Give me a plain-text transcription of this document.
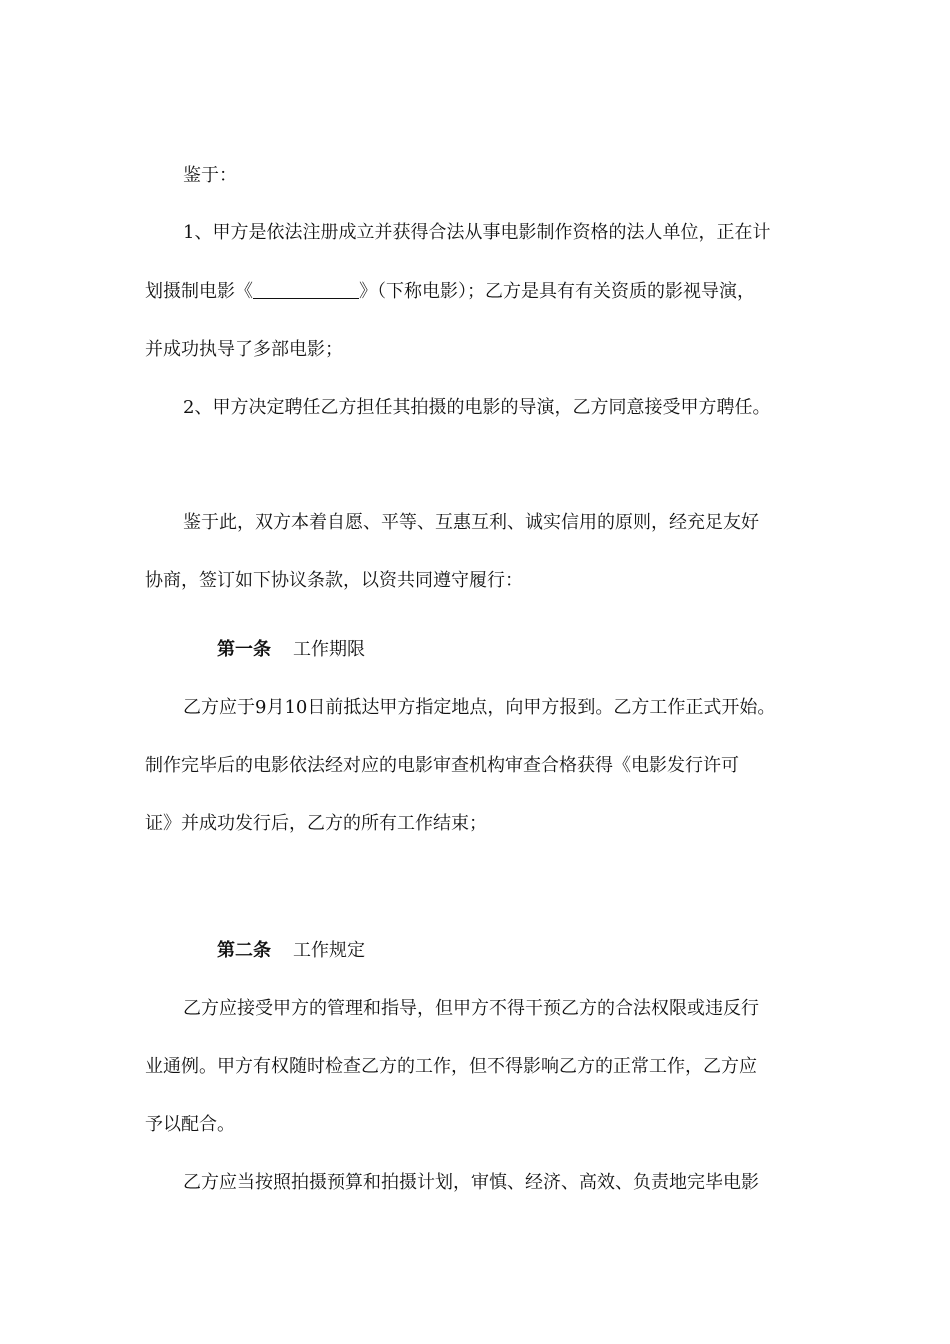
鉴于：
1、甲方是依法注册成立并获得合法从事电影制作资格的法人单位，正在计
划摄制电影《	》（下称电影）；乙方是具有有关资质的影视导演，
并成功执导了多部电影；
2、甲方决定聘任乙方担任其拍摄的电影的导演，乙方同意接受甲方聘任。
鉴于此，双方本着自愿、平等、互惠互利、诚实信用的原则，经充足友好
协商，签订如下协议条款，以资共同遵守履行：
第一条 工作期限
乙方应于9月10日前抵达甲方指定地点，向甲方报到。乙方工作正式开始。
制作完毕后的电影依法经对应的电影审查机构审查合格获得《电影发行许可
证》并成功发行后，乙方的所有工作结束；
第二条 工作规定
乙方应接受甲方的管理和指导，但甲方不得干预乙方的合法权限或违反行
业通例。甲方有权随时检查乙方的工作，但不得影响乙方的正常工作，乙方应
予以配合。
乙方应当按照拍摄预算和拍摄计划，审慎、经济、高效、负责地完毕电影
